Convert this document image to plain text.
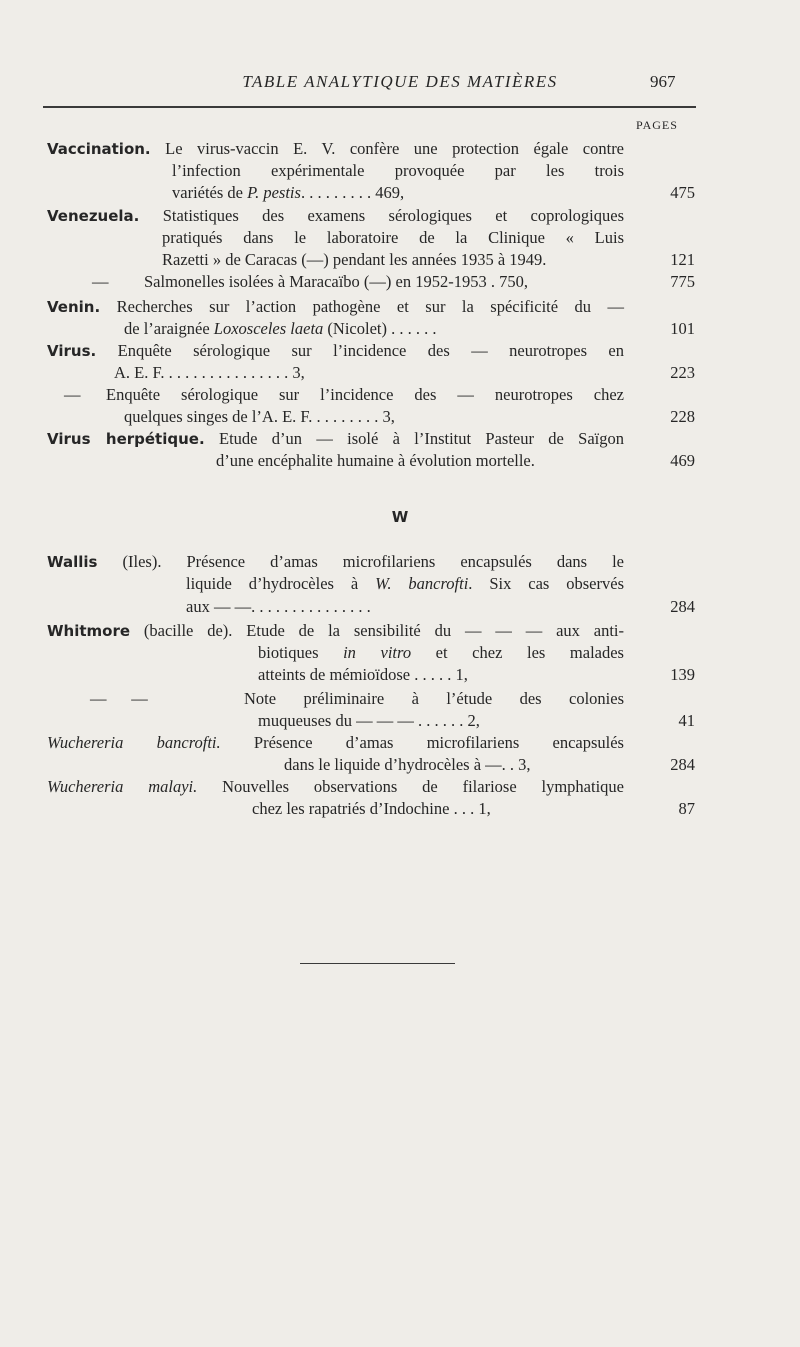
TABLE ANALYTIQUE DES MATIÈRES	967
PAGES
Vaccination. Le virus-vaccin E. V. confère une protection égale contre
l’infection expérimentale provoquée par les trois
variétés de P. pestis. . . . . . . . . 469,	475
Venezuela. Statistiques des examens sérologiques et coprologiques
pratiqués dans le laboratoire de la Clinique « Luis
Razetti » de Caracas (—) pendant les années 1935 à 1949.	121
—	Salmonelles isolées à Maracaïbo (—) en 1952-1953 . 750,	775
Venin. Recherches sur l’action pathogène et sur la spécificité du —
de l’araignée Loxosceles laeta (Nicolet) . . . . . .	101
Virus. Enquête sérologique sur l’incidence des — neurotropes en
A. E. F. . . . . . . . . . . . . . . . 3,	223
—	Enquête sérologique sur l’incidence des — neurotropes chez
quelques singes de l’A. E. F. . . . . . . . . 3,	228
Virus herpétique. Etude d’un — isolé à l’Institut Pasteur de Saïgon
d’une encéphalite humaine à évolution mortelle.	469
W
Wallis (Iles). Présence d’amas microfilariens encapsulés dans le
liquide d’hydrocèles à W. bancrofti. Six cas observés
aux — —. . . . . . . . . . . . . . .	284
Whitmore (bacille de). Etude de la sensibilité du — — — aux anti-
biotiques in vitro et chez les malades
atteints de mémioïdose . . . . . 1,	139
—      —	Note préliminaire à l’étude des colonies
muqueuses du — — — . . . . . . 2,	41
Wuchereria bancrofti. Présence d’amas microfilariens encapsulés
dans le liquide d’hydrocèles à —. . 3,	284
Wuchereria malayi. Nouvelles observations de filariose lymphatique
chez les rapatriés d’Indochine . . . 1,	87
